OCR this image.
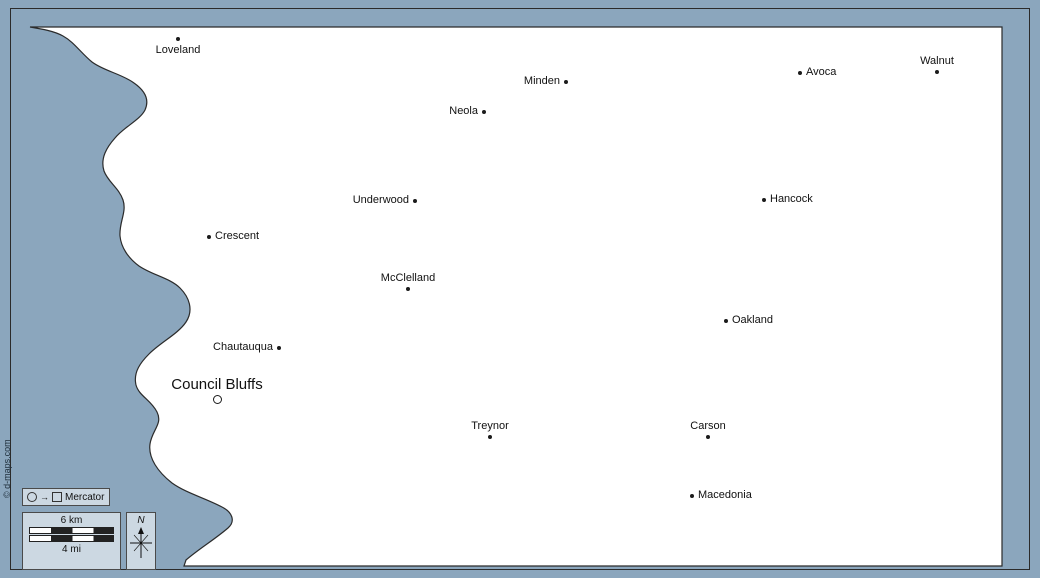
Loveland
Minden
Avoca
Walnut
Neola
Underwood	Hancock
Crescent
McClelland
Oakland
Chautauqua
Council Bluffs
Treynor	Carson
Macedonia
→ Mercator
6 km
4 mi
N
© d-maps.com
